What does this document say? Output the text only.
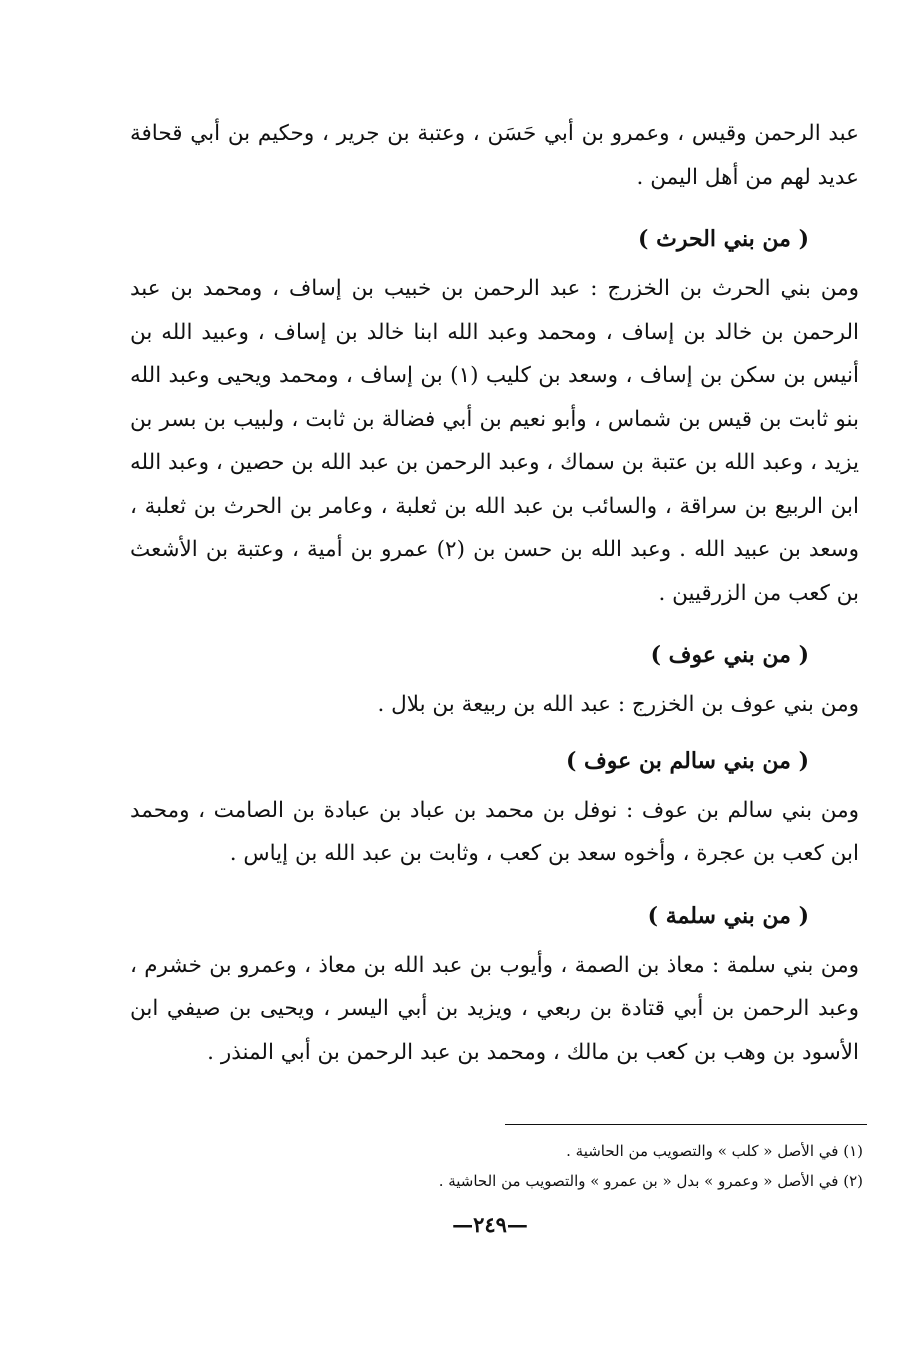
عبد الرحمن وقيس ، وعمرو بن أبي حَسَن ، وعتبة بن جرير ، وحكيم بن أبي قحافة عديد لهم من أهل اليمن .

( من بني الحرث )

ومن بني الحرث بن الخزرج : عبد الرحمن بن خبيب بن إساف ، ومحمد بن عبد الرحمن بن خالد بن إساف ، ومحمد وعبد الله ابنا خالد بن إساف ، وعبيد الله بن أنيس بن سكن بن إساف ، وسعد بن كليب (١) بن إساف ، ومحمد ويحيى وعبد الله بنو ثابت بن قيس بن شماس ، وأبو نعيم بن أبي فضالة بن ثابت ، ولبيب بن بسر بن يزيد ، وعبد الله بن عتبة بن سماك ، وعبد الرحمن بن عبد الله بن حصين ، وعبد الله ابن الربيع بن سراقة ، والسائب بن عبد الله بن ثعلبة ، وعامر بن الحرث بن ثعلبة ، وسعد بن عبيد الله . وعبد الله بن حسن بن (٢) عمرو بن أمية ، وعتبة بن الأشعث بن كعب من الزرقيين .

( من بني عوف )

ومن بني عوف بن الخزرج : عبد الله بن ربيعة بن بلال .

( من بني سالم بن عوف )

ومن بني سالم بن عوف : نوفل بن محمد بن عباد بن عبادة بن الصامت ، ومحمد ابن كعب بن عجرة ، وأخوه سعد بن كعب ، وثابت بن عبد الله بن إياس .

( من بني سلمة )

ومن بني سلمة : معاذ بن الصمة ، وأيوب بن عبد الله بن معاذ ، وعمرو بن خشرم ، وعبد الرحمن بن أبي قتادة بن ربعي ، ويزيد بن أبي اليسر ، ويحيى بن صيفي ابن الأسود بن وهب بن كعب بن مالك ، ومحمد بن عبد الرحمن بن أبي المنذر .

(١) في الأصل « كلب » والتصويب من الحاشية .

(٢) في الأصل « وعمرو » بدل « بن عمرو » والتصويب من الحاشية .

—٢٤٩—
